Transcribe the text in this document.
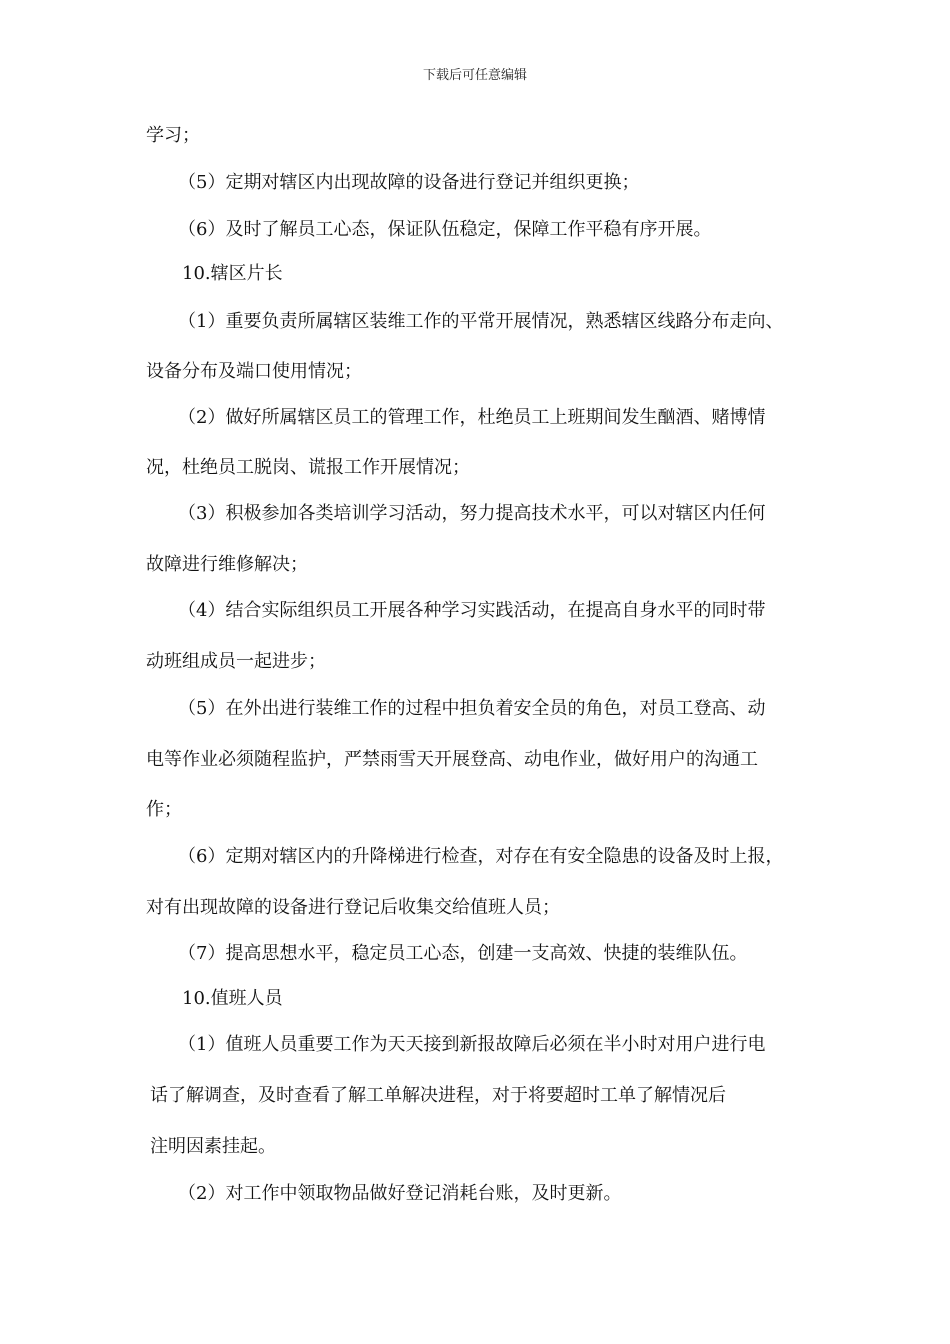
下载后可任意编辑
学习；
（5）定期对辖区内出现故障的设备进行登记并组织更换；
（6）及时了解员工心态，保证队伍稳定，保障工作平稳有序开展。
10.辖区片长
（1）重要负责所属辖区装维工作的平常开展情况，熟悉辖区线路分布走向、
设备分布及端口使用情况；
（2）做好所属辖区员工的管理工作，杜绝员工上班期间发生酗酒、赌博情
况，杜绝员工脱岗、谎报工作开展情况；
（3）积极参加各类培训学习活动，努力提高技术水平，可以对辖区内任何
故障进行维修解决；
（4）结合实际组织员工开展各种学习实践活动，在提高自身水平的同时带
动班组成员一起进步；
（5）在外出进行装维工作的过程中担负着安全员的角色，对员工登高、动
电等作业必须随程监护，严禁雨雪天开展登高、动电作业，做好用户的沟通工
作；
（6）定期对辖区内的升降梯进行检查，对存在有安全隐患的设备及时上报，
对有出现故障的设备进行登记后收集交给值班人员；
（7）提高思想水平，稳定员工心态，创建一支高效、快捷的装维队伍。
10.值班人员
（1）值班人员重要工作为天天接到新报故障后必须在半小时对用户进行电
话了解调查，及时查看了解工单解决进程，对于将要超时工单了解情况后
注明因素挂起。
（2）对工作中领取物品做好登记消耗台账，及时更新。
